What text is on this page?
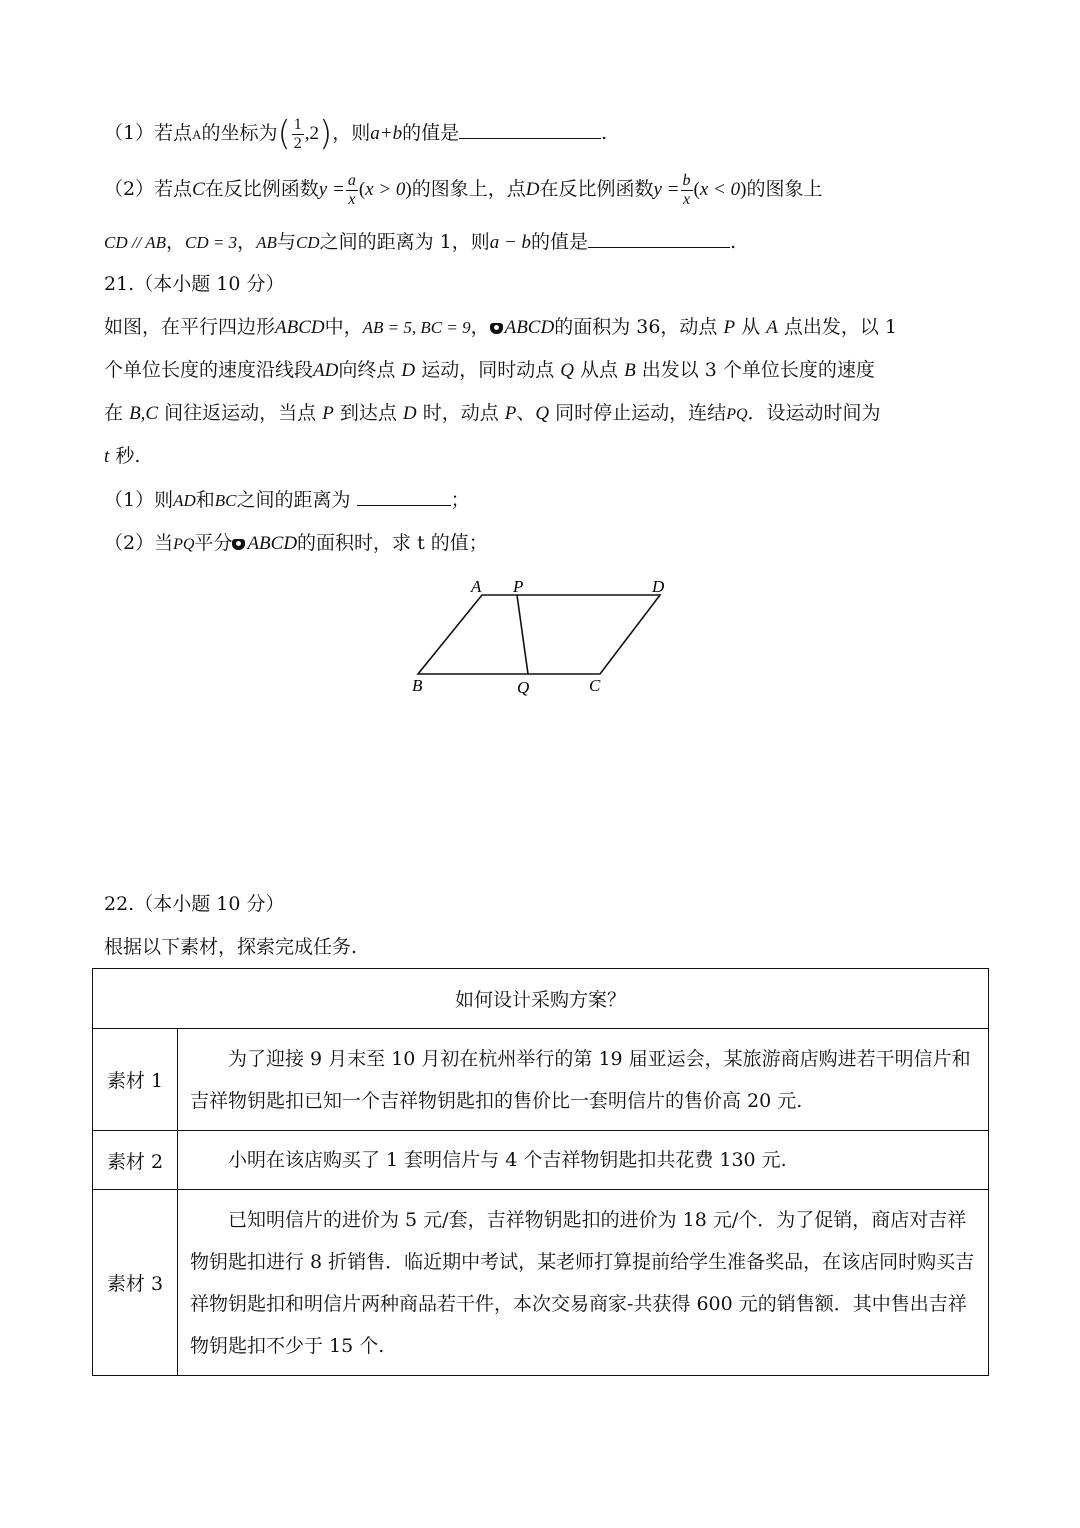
（1）若点A的坐标为( $\frac{1}{2} ,2$)，则a+b的值是	.
（2）若点C在反比例函数$y = \frac{a}{x} (x > 0)$的图象上，点D在反比例函数$y = \frac{b}{x} (x < 0)$的图象上
CD // AB，CD = 3，AB与CD之间的距离为 1，则a − b的值是	.
21.（本小题 10 分）
如图，在平行四边形ABCD中，AB = 5, BC = 9， ABCD的面积为 36，动点 P 从 A 点出发，以 1
个单位长度的速度沿线段AD向终点 D 运动，同时动点 Q 从点 B 出发以 3 个单位长度的速度
在 B,C 间往返运动，当点 P 到达点 D 时，动点 P、Q 同时停止运动，连结PQ．设运动时间为
t 秒.
（1）则AD和BC之间的距离为	；
（2）当PQ平分 ABCD的面积时，求 t 的值；
A P	D
B	Q	C
22.（本小题 10 分）
根据以下素材，探索完成任务.
如何设计采购方案？	
素材 1	为了迎接 9 月末至 10 月初在杭州举行的第 19 届亚运会，某旅游商店购进若干明信片和吉祥物钥匙扣已知一个吉祥物钥匙扣的售价比一套明信片的售价高 20 元.

素材 2	小明在该店购买了 1 套明信片与 4 个吉祥物钥匙扣共花费 130 元.

素材 3	已知明信片的进价为 5 元/套，吉祥物钥匙扣的进价为 18 元/个．为了促销，商店对吉祥物钥匙扣进行 8 折销售．临近期中考试，某老师打算提前给学生准备奖品，在该店同时购买吉祥物钥匙扣和明信片两种商品若干件，本次交易商家-共获得 600 元的销售额．其中售出吉祥物钥匙扣不少于 15 个.
